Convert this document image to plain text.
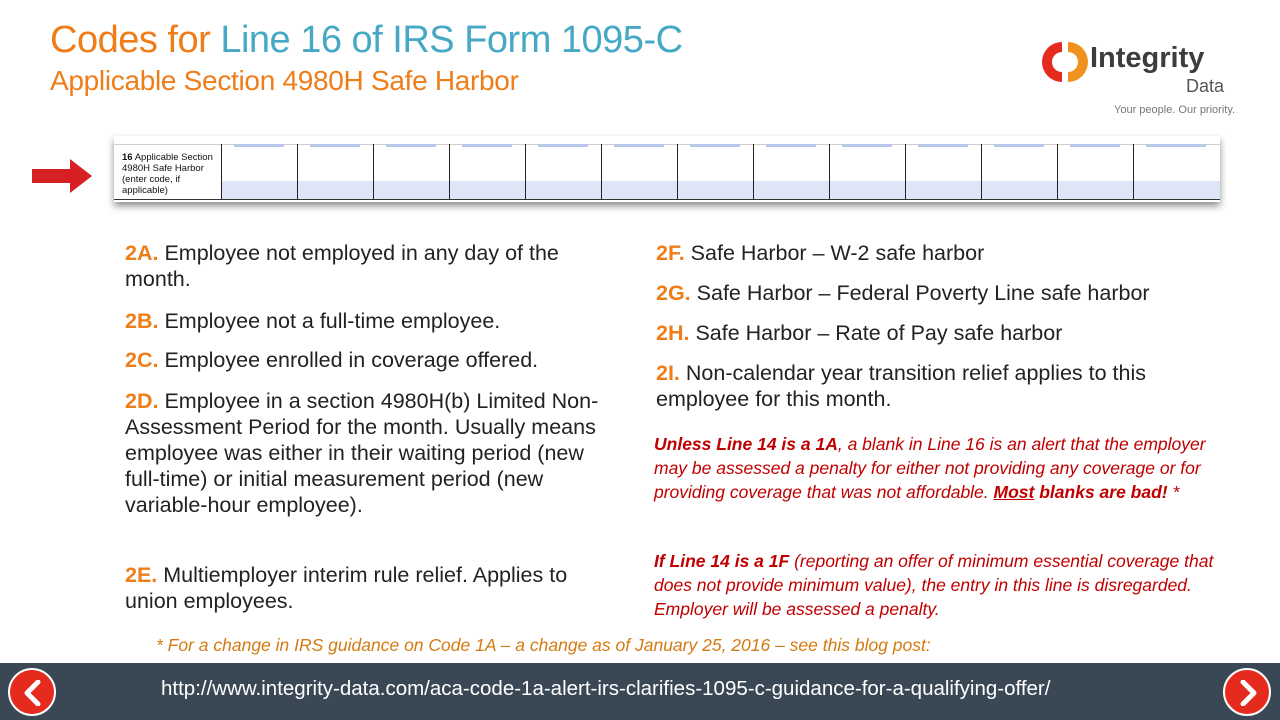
Codes for Line 16 of IRS Form 1095-C
Applicable Section 4980H Safe Harbor
Integrity
Data
Your people. Our priority.
16 Applicable Section 4980H Safe Harbor (enter code, if applicable)
2A. Employee not employed in any day of the month.
2B. Employee not a full-time employee.
2C. Employee enrolled in coverage offered.
2D. Employee in a section 4980H(b) Limited Non-Assessment Period for the month. Usually means employee was either in their waiting period (new full-time) or initial measurement period (new variable-hour employee).
2E. Multiemployer interim rule relief. Applies to union employees.
2F. Safe Harbor – W-2 safe harbor
2G. Safe Harbor – Federal Poverty Line safe harbor
2H. Safe Harbor – Rate of Pay safe harbor
2I. Non-calendar year transition relief applies to this employee for this month.
Unless Line 14 is a 1A, a blank in Line 16 is an alert that the employer may be assessed a penalty for either not providing any coverage or for providing coverage that was not affordable. Most blanks are bad! *
If Line 14 is a 1F (reporting an offer of minimum essential coverage that does not provide minimum value), the entry in this line is disregarded. Employer will be assessed a penalty.
* For a change in IRS guidance on Code 1A – a change as of January 25, 2016 – see this blog post:
http://www.integrity-data.com/aca-code-1a-alert-irs-clarifies-1095-c-guidance-for-a-qualifying-offer/
